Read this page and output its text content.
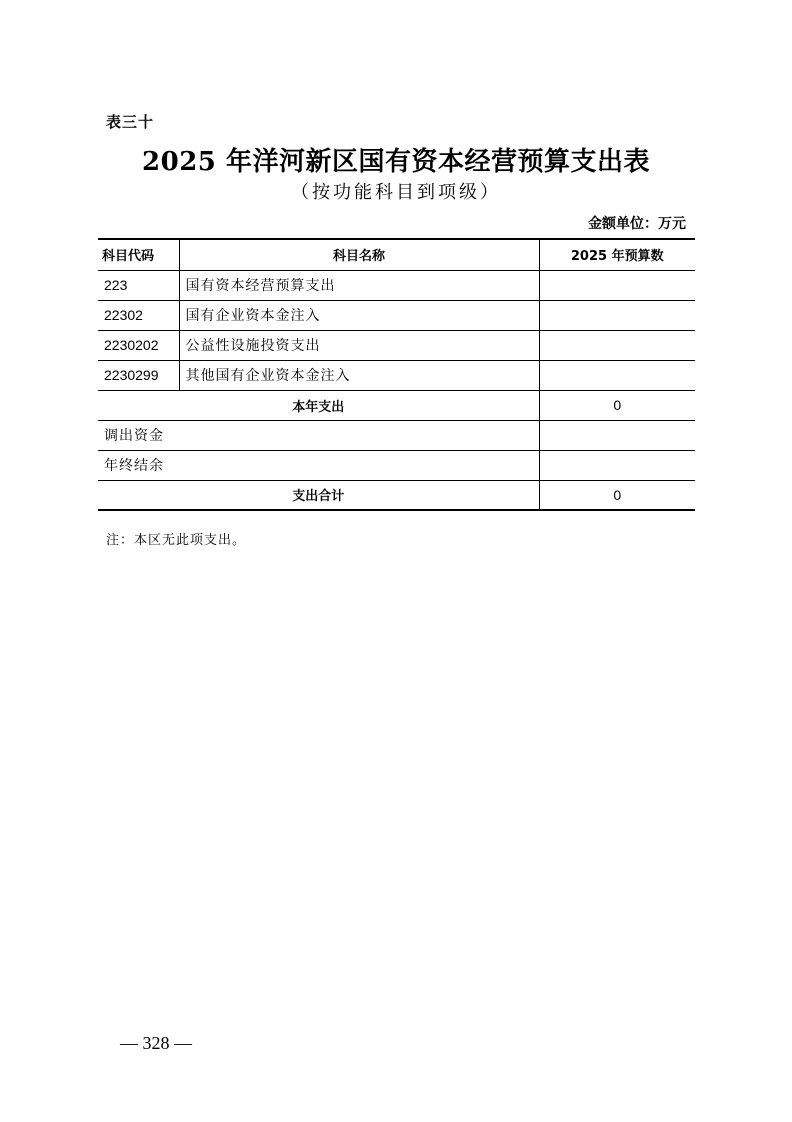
表三十
2025 年洋河新区国有资本经营预算支出表
（按功能科目到项级）
金额单位：万元
科目代码	科目名称	2025 年预算数
223	国有资本经营预算支出	
22302	国有企业资本金注入	
2230202	公益性设施投资支出	
2230299	其他国有企业资本金注入	
本年支出		0
调出资金		
年终结余		
支出合计		0
注：本区无此项支出。
— 328 —
